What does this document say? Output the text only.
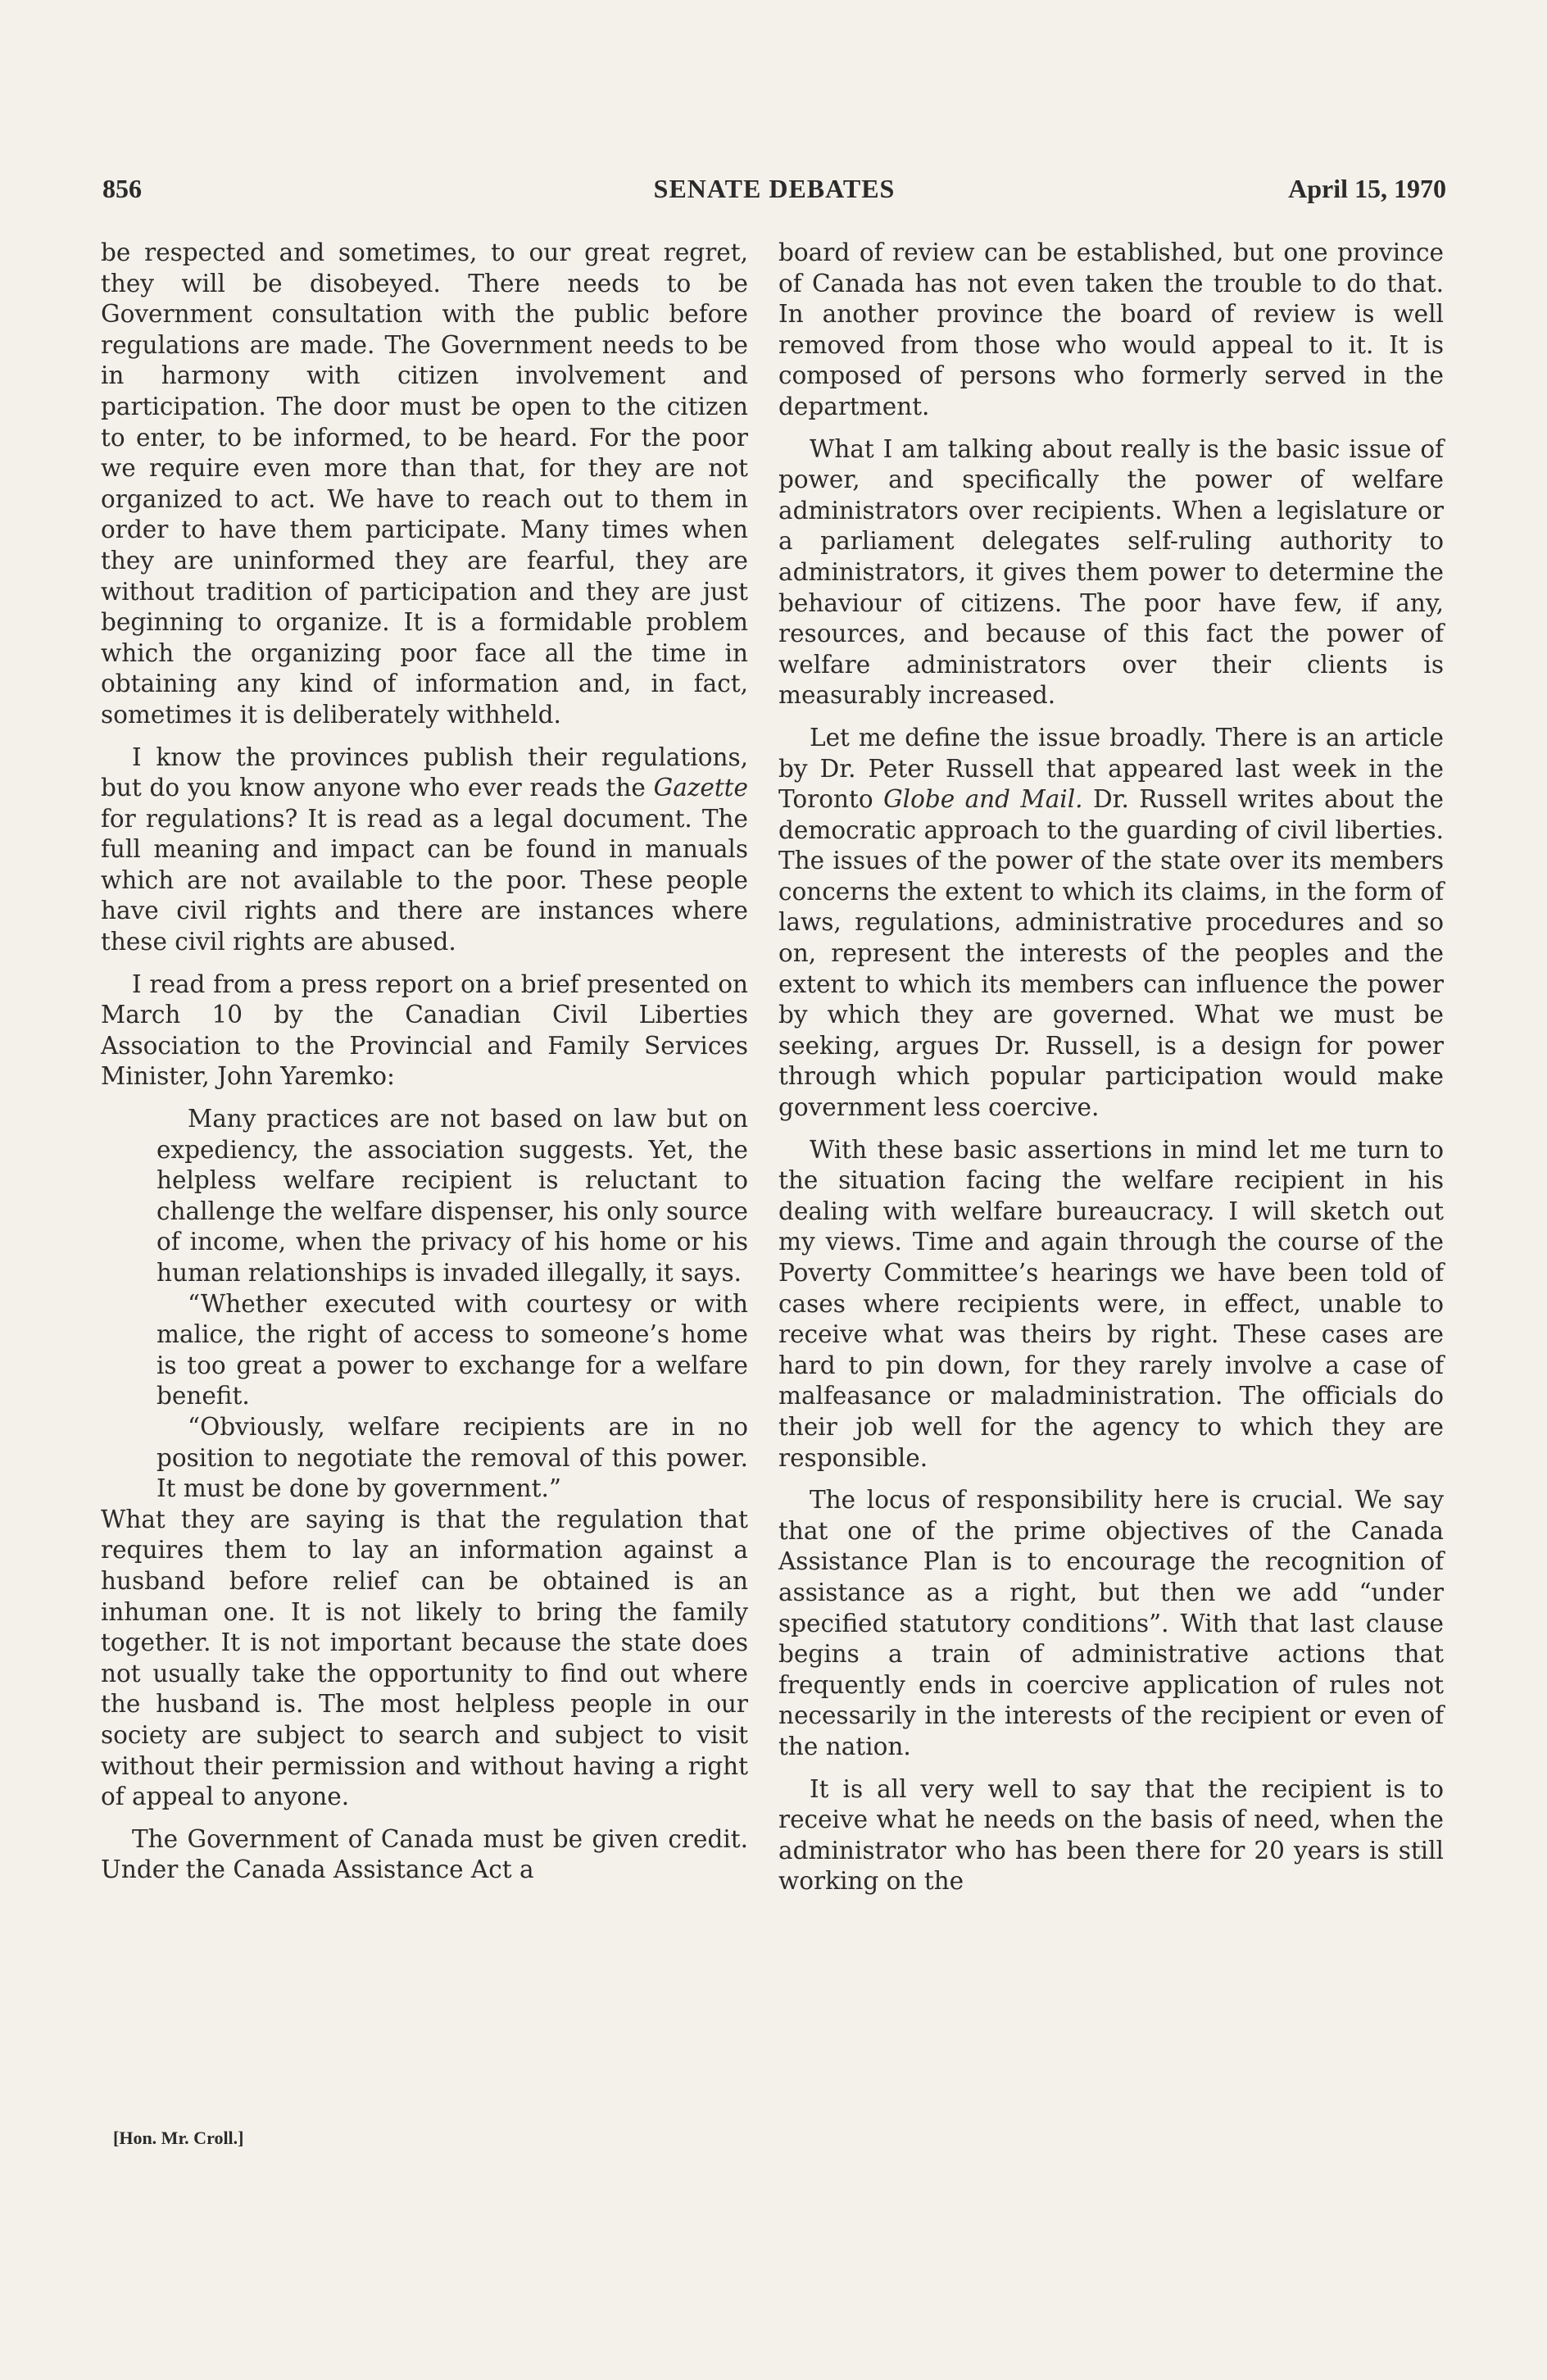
856	SENATE DEBATES	April 15, 1970

be respected and sometimes, to our great regret, they will be disobeyed. There needs to be Government consultation with the public before regulations are made. The Government needs to be in harmony with citizen involvement and participation. The door must be open to the citizen to enter, to be informed, to be heard. For the poor we require even more than that, for they are not organized to act. We have to reach out to them in order to have them participate. Many times when they are uninformed they are fearful, they are without tradition of participation and they are just beginning to organize. It is a formidable problem which the organizing poor face all the time in obtaining any kind of information and, in fact, sometimes it is deliberately withheld.

I know the provinces publish their regulations, but do you know anyone who ever reads the Gazette for regulations? It is read as a legal document. The full meaning and impact can be found in manuals which are not available to the poor. These people have civil rights and there are instances where these civil rights are abused.

I read from a press report on a brief presented on March 10 by the Canadian Civil Liberties Association to the Provincial and Family Services Minister, John Yaremko:

Many practices are not based on law but on expediency, the association suggests. Yet, the helpless welfare recipient is reluctant to challenge the welfare dispenser, his only source of income, when the privacy of his home or his human relationships is invaded illegally, it says.

“Whether executed with courtesy or with malice, the right of access to someone’s home is too great a power to exchange for a welfare benefit.

“Obviously, welfare recipients are in no position to negotiate the removal of this power. It must be done by government.”

What they are saying is that the regulation that requires them to lay an information against a husband before relief can be obtained is an inhuman one. It is not likely to bring the family together. It is not important because the state does not usually take the opportunity to find out where the husband is. The most helpless people in our society are subject to search and subject to visit without their permission and without having a right of appeal to anyone.

The Government of Canada must be given credit. Under the Canada Assistance Act a

[Hon. Mr. Croll.]

board of review can be established, but one province of Canada has not even taken the trouble to do that. In another province the board of review is well removed from those who would appeal to it. It is composed of persons who formerly served in the department.

What I am talking about really is the basic issue of power, and specifically the power of welfare administrators over recipients. When a legislature or a parliament delegates self-ruling authority to administrators, it gives them power to determine the behaviour of citizens. The poor have few, if any, resources, and because of this fact the power of welfare administrators over their clients is measurably increased.

Let me define the issue broadly. There is an article by Dr. Peter Russell that appeared last week in the Toronto Globe and Mail. Dr. Russell writes about the democratic approach to the guarding of civil liberties. The issues of the power of the state over its members concerns the extent to which its claims, in the form of laws, regulations, administrative procedures and so on, represent the interests of the peoples and the extent to which its members can influence the power by which they are governed. What we must be seeking, argues Dr. Russell, is a design for power through which popular participation would make government less coercive.

With these basic assertions in mind let me turn to the situation facing the welfare recipient in his dealing with welfare bureaucracy. I will sketch out my views. Time and again through the course of the Poverty Committee’s hearings we have been told of cases where recipients were, in effect, unable to receive what was theirs by right. These cases are hard to pin down, for they rarely involve a case of malfeasance or maladministration. The officials do their job well for the agency to which they are responsible.

The locus of responsibility here is crucial. We say that one of the prime objectives of the Canada Assistance Plan is to encourage the recognition of assistance as a right, but then we add “under specified statutory conditions”. With that last clause begins a train of administrative actions that frequently ends in coercive application of rules not necessarily in the interests of the recipient or even of the nation.

It is all very well to say that the recipient is to receive what he needs on the basis of need, when the administrator who has been there for 20 years is still working on the
